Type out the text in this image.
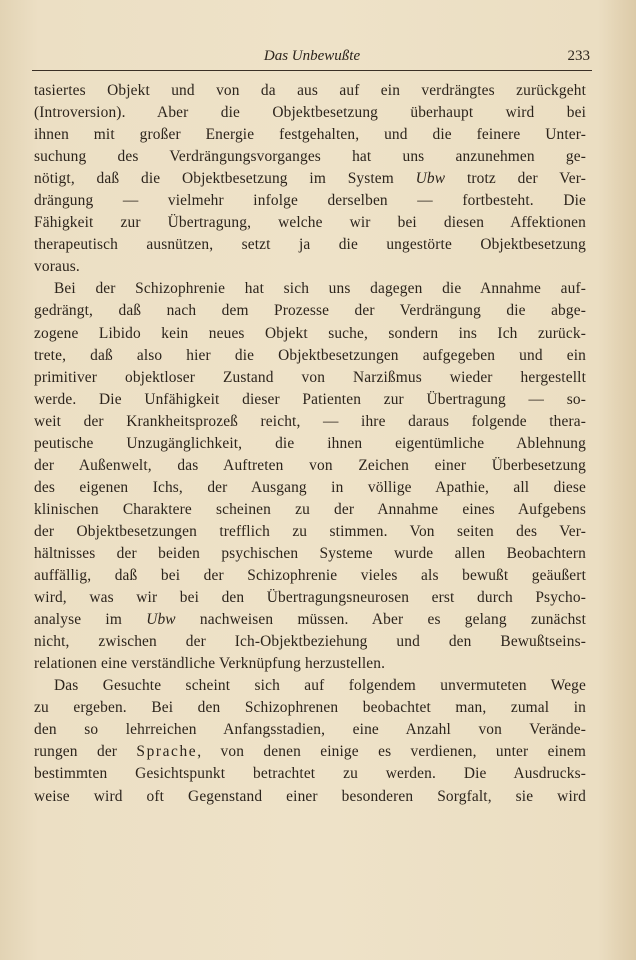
Das Unbewußte	233

tasiertes Objekt und von da aus auf ein verdrängtes zurückgeht
(Introversion). Aber die Objektbesetzung überhaupt wird bei
ihnen mit großer Energie festgehalten, und die feinere Unter-
suchung des Verdrängungsvorganges hat uns anzunehmen ge-
nötigt, daß die Objektbesetzung im System Ubw trotz der Ver-
drängung — vielmehr infolge derselben — fortbesteht. Die
Fähigkeit zur Übertragung, welche wir bei diesen Affektionen
therapeutisch ausnützen, setzt ja die ungestörte Objektbesetzung
voraus.

Bei der Schizophrenie hat sich uns dagegen die Annahme auf-
gedrängt, daß nach dem Prozesse der Verdrängung die abge-
zogene Libido kein neues Objekt suche, sondern ins Ich zurück-
trete, daß also hier die Objektbesetzungen aufgegeben und ein
primitiver objektloser Zustand von Narzißmus wieder hergestellt
werde. Die Unfähigkeit dieser Patienten zur Übertragung — so-
weit der Krankheitsprozeß reicht, — ihre daraus folgende thera-
peutische Unzugänglichkeit, die ihnen eigentümliche Ablehnung
der Außenwelt, das Auftreten von Zeichen einer Überbesetzung
des eigenen Ichs, der Ausgang in völlige Apathie, all diese
klinischen Charaktere scheinen zu der Annahme eines Aufgebens
der Objektbesetzungen trefflich zu stimmen. Von seiten des Ver-
hältnisses der beiden psychischen Systeme wurde allen Beobachtern
auffällig, daß bei der Schizophrenie vieles als bewußt geäußert
wird, was wir bei den Übertragungsneurosen erst durch Psycho-
analyse im Ubw nachweisen müssen. Aber es gelang zunächst
nicht, zwischen der Ich-Objektbeziehung und den Bewußtseins-
relationen eine verständliche Verknüpfung herzustellen.

Das Gesuchte scheint sich auf folgendem unvermuteten Wege
zu ergeben. Bei den Schizophrenen beobachtet man, zumal in
den so lehrreichen Anfangsstadien, eine Anzahl von Verände-
rungen der Sprache, von denen einige es verdienen, unter einem
bestimmten Gesichtspunkt betrachtet zu werden. Die Ausdrucks-
weise wird oft Gegenstand einer besonderen Sorgfalt, sie wird
